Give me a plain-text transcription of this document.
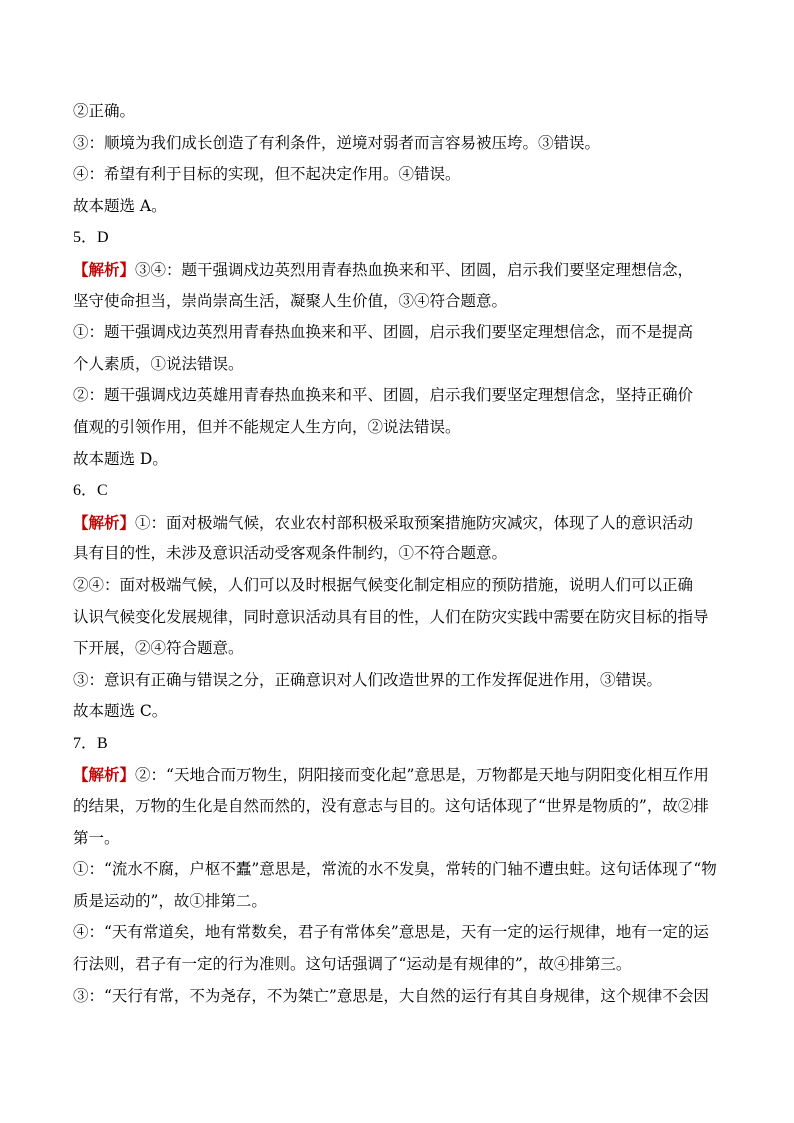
②正确。
③：顺境为我们成长创造了有利条件，逆境对弱者而言容易被压垮。③错误。
④：希望有利于目标的实现，但不起决定作用。④错误。
故本题选 A。
5．D
【解析】③④：题干强调戍边英烈用青春热血换来和平、团圆，启示我们要坚定理想信念，
坚守使命担当，崇尚崇高生活，凝聚人生价值，③④符合题意。
①：题干强调戍边英烈用青春热血换来和平、团圆，启示我们要坚定理想信念，而不是提高
个人素质，①说法错误。
②：题干强调戍边英雄用青春热血换来和平、团圆，启示我们要坚定理想信念，坚持正确价
值观的引领作用，但并不能规定人生方向，②说法错误。
故本题选 D。
6．C
【解析】①：面对极端气候，农业农村部积极采取预案措施防灾减灾，体现了人的意识活动
具有目的性，未涉及意识活动受客观条件制约，①不符合题意。
②④：面对极端气候，人们可以及时根据气候变化制定相应的预防措施，说明人们可以正确
认识气候变化发展规律，同时意识活动具有目的性，人们在防灾实践中需要在防灾目标的指导
下开展，②④符合题意。
③：意识有正确与错误之分，正确意识对人们改造世界的工作发挥促进作用，③错误。
故本题选 C。
7．B
【解析】②：“天地合而万物生，阴阳接而变化起”意思是，万物都是天地与阴阳变化相互作用
的结果，万物的生化是自然而然的，没有意志与目的。这句话体现了“世界是物质的”，故②排
第一。
①：“流水不腐，户枢不蠹”意思是，常流的水不发臭，常转的门轴不遭虫蛀。这句话体现了“物
质是运动的”，故①排第二。
④：“天有常道矣，地有常数矣，君子有常体矣”意思是，天有一定的运行规律，地有一定的运
行法则，君子有一定的行为准则。这句话强调了“运动是有规律的”，故④排第三。
③：“天行有常，不为尧存，不为桀亡”意思是，大自然的运行有其自身规律，这个规律不会因
